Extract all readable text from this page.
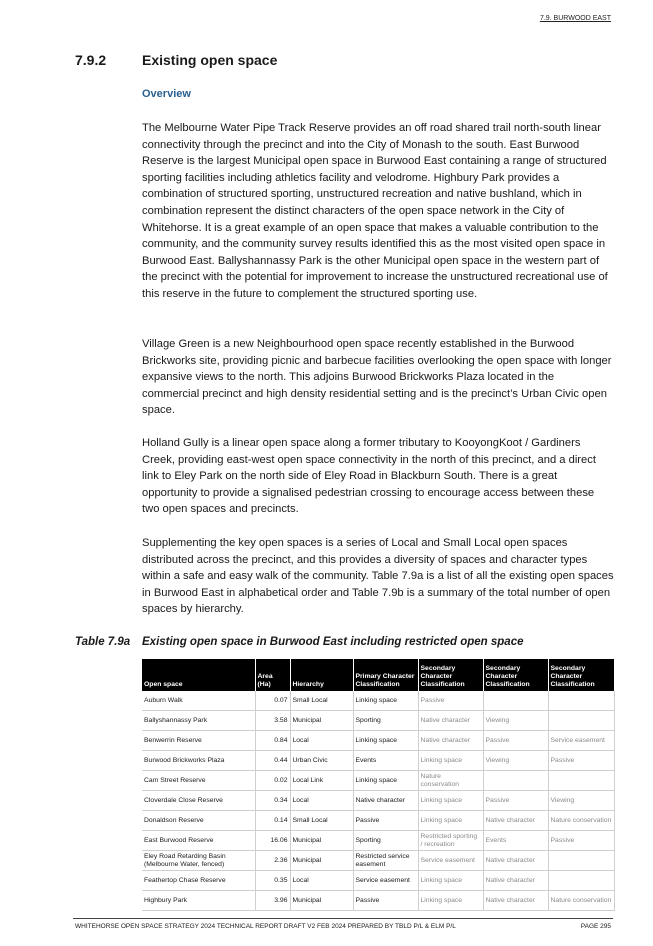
7.9. BURWOOD EAST
7.9.2	Existing open space
Overview

The Melbourne Water Pipe Track Reserve provides an off road shared trail north-south linear connectivity through the precinct and into the City of Monash to the south. East Burwood Reserve is the largest Municipal open space in Burwood East containing a range of structured sporting facilities including athletics facility and velodrome. Highbury Park provides a combination of structured sporting, unstructured recreation and native bushland, which in combination represent the distinct characters of the open space network in the City of Whitehorse. It is a great example of an open space that makes a valuable contribution to the community, and the community survey results identified this as the most visited open space in Burwood East. Ballyshannassy Park is the other Municipal open space in the western part of the precinct with the potential for improvement to increase the unstructured recreational use of this reserve in the future to complement the structured sporting use.

Village Green is a new Neighbourhood open space recently established in the Burwood Brickworks site, providing picnic and barbecue facilities overlooking the open space with longer expansive views to the north. This adjoins Burwood Brickworks Plaza located in the commercial precinct and high density residential setting and is the precinct’s Urban Civic open space.

Holland Gully is a linear open space along a former tributary to KooyongKoot / Gardiners Creek, providing east-west open space connectivity in the north of this precinct, and a direct link to Eley Park on the north side of Eley Road in Blackburn South. There is a great opportunity to provide a signalised pedestrian crossing to encourage access between these two open spaces and precincts.

Supplementing the key open spaces is a series of Local and Small Local open spaces distributed across the precinct, and this provides a diversity of spaces and character types within a safe and easy walk of the community. Table 7.9a is a list of all the existing open spaces in Burwood East in alphabetical order and Table 7.9b is a summary of the total number of open spaces by hierarchy.

Table 7.9a Existing open space in Burwood East including restricted open space
Open space	Area (Ha)	Hierarchy	Primary Character Classification	Secondary Character Classification	Secondary Character Classification	Secondary Character Classification
Auburn Walk	0.07	Small Local	Linking space	Passive		
Ballyshannassy Park	3.58	Municipal	Sporting	Native character	Viewing	
Benwerrin Reserve	0.84	Local	Linking space	Native character	Passive	Service easement
Burwood Brickworks Plaza	0.44	Urban Civic	Events	Linking space	Viewing	Passive
Cam Street Reserve	0.02	Local Link	Linking space	Nature conservation		
Cloverdale Close Reserve	0.34	Local	Native character	Linking space	Passive	Viewing
Donaldson Reserve	0.14	Small Local	Passive	Linking space	Native character	Nature conservation
East Burwood Reserve	16.06	Municipal	Sporting	Restricted sporting / recreation	Events	Passive
Eley Road Retarding Basin (Melbourne Water, fenced)	2.36	Municipal	Restricted service easement	Service easement	Native character	
Feathertop Chase Reserve	0.35	Local	Service easement	Linking space	Native character	
Highbury Park	3.96	Municipal	Passive	Linking space	Native character	Nature conservation
WHITEHORSE OPEN SPACE STRATEGY 2024 TECHNICAL REPORT DRAFT V2 FEB 2024 PREPARED BY TBLD P/L & ELM P/L	PAGE 295
